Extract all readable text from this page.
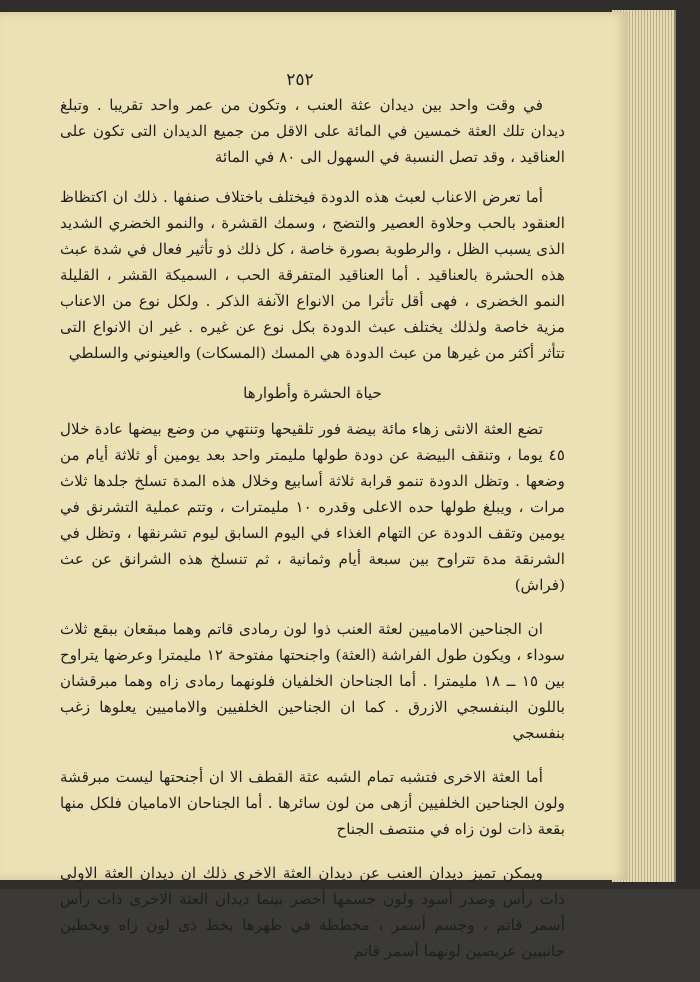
٢٥٢

في وقت واحد بين ديدان عثة العنب ، وتكون من عمر واحد تقريبا . وتبلغ ديدان تلك العثة خمسين في المائة على الاقل من جميع الديدان التى تكون على العناقيد ، وقد تصل النسبة في السهول الى ٨٠ في المائة

أما تعرض الاعناب لعبث هذه الدودة فيختلف باختلاف صنفها . ذلك ان اكتظاظ العنقود بالحب وحلاوة العصير والتضج ، وسمك القشرة ، والنمو الخضري الشديد الذى يسبب الظل ، والرطوبة بصورة خاصة ، كل ذلك ذو تأثير فعال في شدة عبث هذه الحشرة بالعناقيد . أما العناقيد المتفرقة الحب ، السميكة القشر ، القليلة النمو الخضرى ، فهى أقل تأثرا من الانواع الآنفة الذكر . ولكل نوع من الاعناب مزية خاصة ولذلك يختلف عبث الدودة بكل نوع عن غيره . غير ان الانواع التى تتأثر أكثر من غيرها من عبث الدودة هي المسك (المسكات) والعينوني والسلطي

حياة الحشرة وأطوارها

تضع العثة الانثى زهاء مائة بيضة فور تلقيحها وتنتهي من وضع بيضها عادة خلال ٤٥ يوما ، وتنقف البيضة عن دودة طولها مليمتر واحد بعد يومين أو ثلاثة أيام من وضعها . وتظل الدودة تنمو قرابة ثلاثة أسابيع وخلال هذه المدة تسلخ جلدها ثلاث مرات ، ويبلغ طولها حده الاعلى وقدره ١٠ مليمترات ، وتتم عملية التشرنق في يومين وتقف الدودة عن التهام الغذاء في اليوم السابق ليوم تشرنقها ، وتظل في الشرنقة مدة تتراوح بين سبعة أيام وثمانية ، ثم تنسلخ هذه الشرانق عن عث (فراش)

ان الجناحين الاماميين لعثة العنب ذوا لون رمادى قاتم وهما مبقعان ببقع ثلاث سوداء ، ويكون طول الفراشة (العثة) واجنحتها مفتوحة ١٢ مليمترا وعرضها يتراوح بين ١٥ ــ ١٨ مليمترا . أما الجناحان الخلفيان فلونهما رمادى زاه وهما مبرقشان باللون البنفسجي الازرق . كما ان الجناحين الخلفيين والاماميين يعلوها زغب بنفسجي

أما العثة الاخرى فتشبه تمام الشبه عثة القطف الا ان أجنحتها ليست مبرقشة ولون الجناحين الخلفيين أزهى من لون سائرها . أما الجناحان الاماميان فلكل منها بقعة ذات لون زاه في منتصف الجناح

ويمكن تميز ديدان العنب عن ديدان العثة الاخرى ذلك ان ديدان العثة الاولى ذات رأس وصدر أسود ولون جسمها أخضر بينما ديدان العثة الاخرى ذات رأس أسمر قاتم ، وجسم أسمر ، مخططة في ظهرها بخط ذى لون زاه وبخطين جانبيين عريضين لونهما أسمر قاتم
